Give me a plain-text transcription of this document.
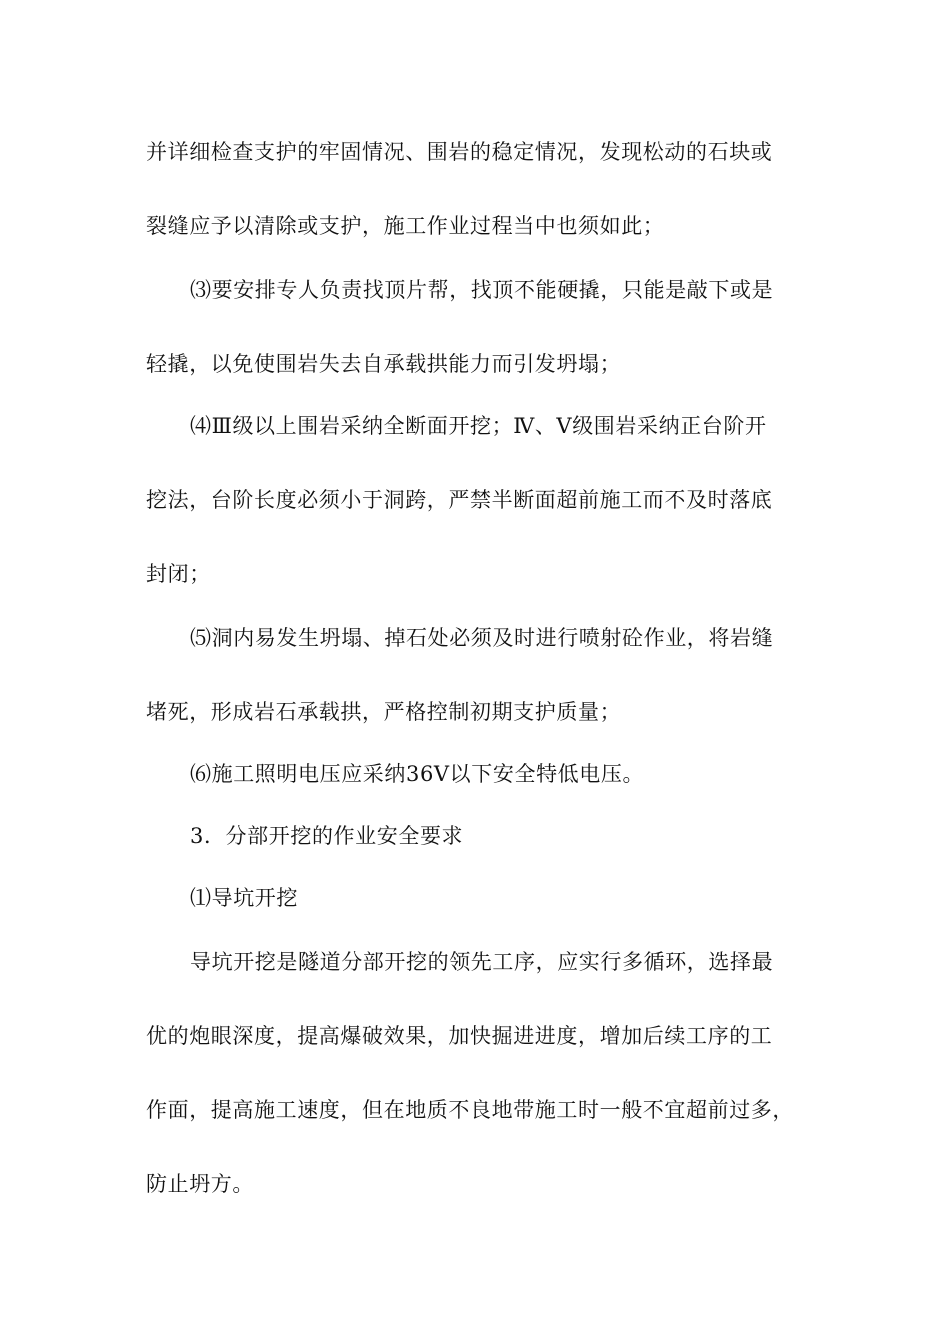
并详细检查支护的牢固情况、围岩的稳定情况，发现松动的石块或
裂缝应予以清除或支护，施工作业过程当中也须如此；
⑶要安排专人负责找顶片帮，找顶不能硬撬，只能是敲下或是
轻撬，以免使围岩失去自承载拱能力而引发坍塌；
⑷Ⅲ级以上围岩采纳全断面开挖；Ⅳ、Ⅴ级围岩采纳正台阶开
挖法，台阶长度必须小于洞跨，严禁半断面超前施工而不及时落底
封闭；
⑸洞内易发生坍塌、掉石处必须及时进行喷射砼作业，将岩缝
堵死，形成岩石承载拱，严格控制初期支护质量；
⑹施工照明电压应采纳36V以下安全特低电压。
3．分部开挖的作业安全要求
⑴导坑开挖
导坑开挖是隧道分部开挖的领先工序，应实行多循环，选择最
优的炮眼深度，提高爆破效果，加快掘进进度，增加后续工序的工
作面，提高施工速度，但在地质不良地带施工时一般不宜超前过多，
防止坍方。
